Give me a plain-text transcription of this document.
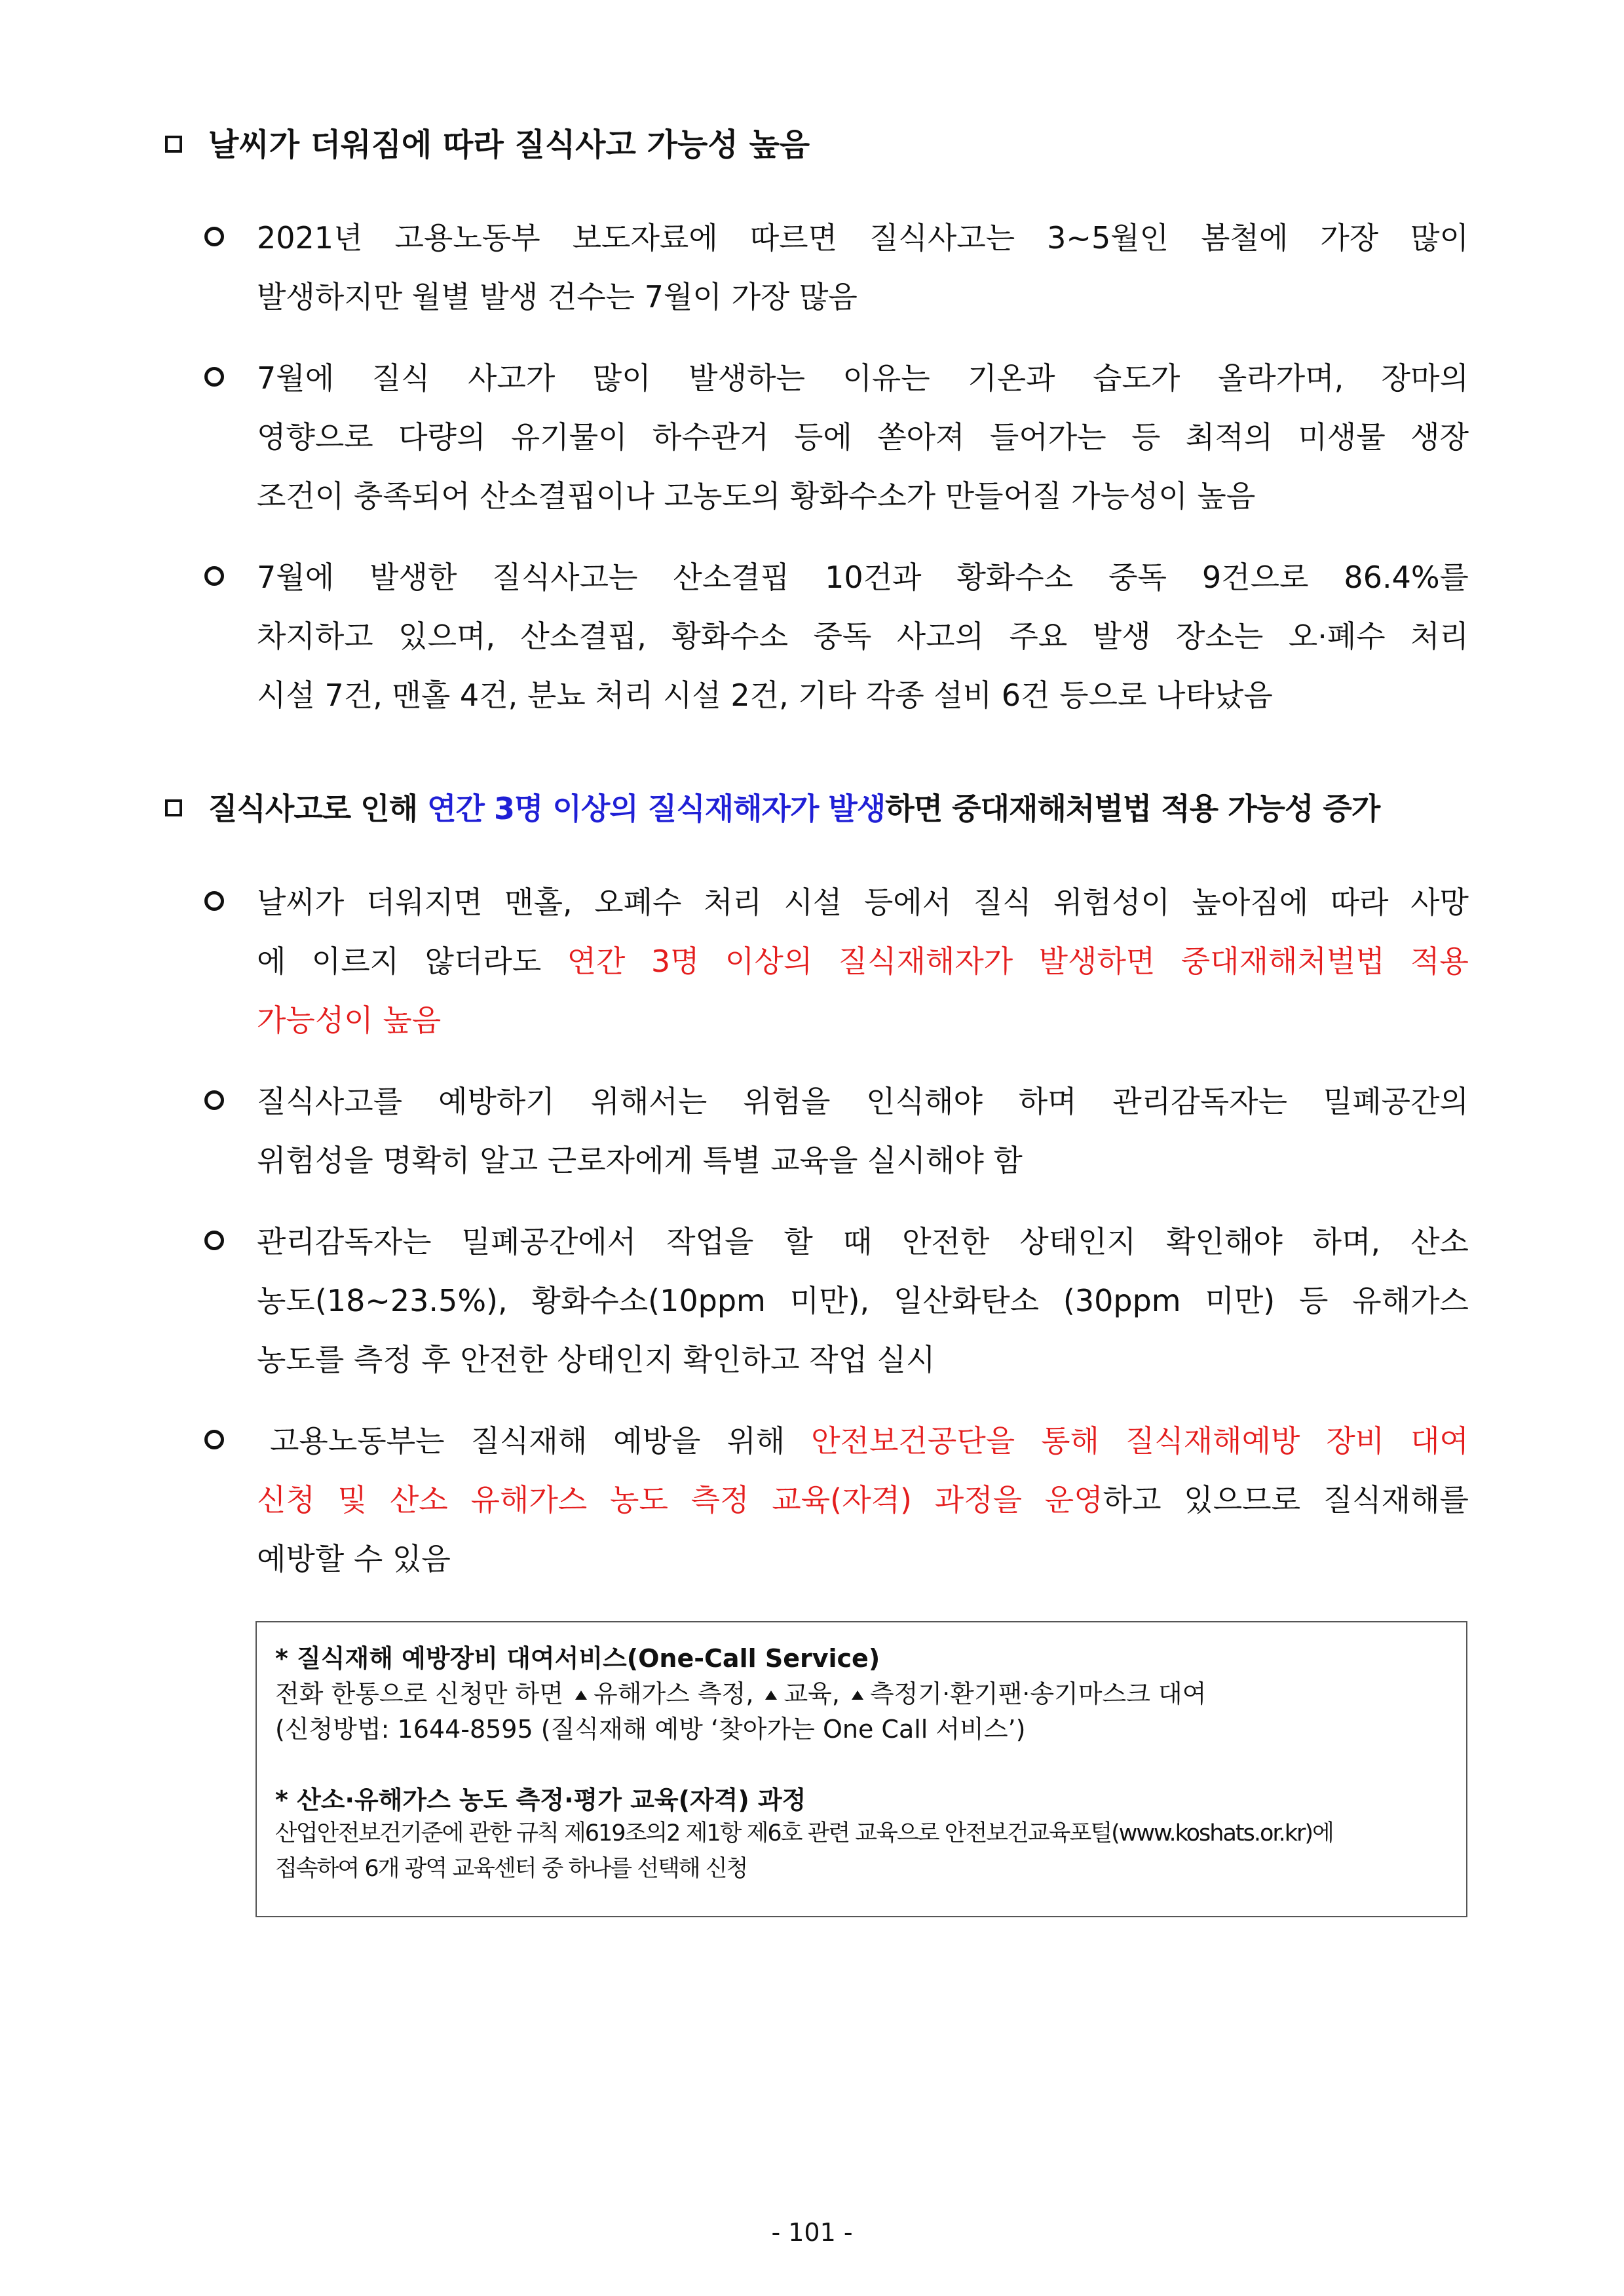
날씨가 더워짐에 따라 질식사고 가능성 높음
2021년 고용노동부 보도자료에 따르면 질식사고는 3~5월인 봄철에 가장 많이
발생하지만 월별 발생 건수는 7월이 가장 많음
7월에 질식 사고가 많이 발생하는 이유는 기온과 습도가 올라가며, 장마의
영향으로 다량의 유기물이 하수관거 등에 쏟아져 들어가는 등 최적의 미생물 생장
조건이 충족되어 산소결핍이나 고농도의 황화수소가 만들어질 가능성이 높음
7월에 발생한 질식사고는 산소결핍 10건과 황화수소 중독 9건으로 86.4%를
차지하고 있으며, 산소결핍, 황화수소 중독 사고의 주요 발생 장소는 오·폐수 처리
시설 7건, 맨홀 4건, 분뇨 처리 시설 2건, 기타 각종 설비 6건 등으로 나타났음
질식사고로 인해 연간 3명 이상의 질식재해자가 발생하면 중대재해처벌법 적용 가능성 증가
날씨가 더워지면 맨홀, 오폐수 처리 시설 등에서 질식 위험성이 높아짐에 따라 사망
에 이르지 않더라도 연간 3명 이상의 질식재해자가 발생하면 중대재해처벌법 적용
가능성이 높음
질식사고를 예방하기 위해서는 위험을 인식해야 하며 관리감독자는 밀폐공간의
위험성을 명확히 알고 근로자에게 특별 교육을 실시해야 함
관리감독자는 밀폐공간에서 작업을 할 때 안전한 상태인지 확인해야 하며, 산소
농도(18~23.5%), 황화수소(10ppm 미만), 일산화탄소 (30ppm 미만) 등 유해가스
농도를 측정 후 안전한 상태인지 확인하고 작업 실시
고용노동부는 질식재해 예방을 위해 안전보건공단을 통해 질식재해예방 장비 대여
신청 및 산소 유해가스 농도 측정 교육(자격) 과정을 운영하고 있으므로 질식재해를
예방할 수 있음
* 질식재해 예방장비 대여서비스(One-Call Service)
전화 한통으로 신청만 하면 유해가스 측정, 교육, 측정기·환기팬·송기마스크 대여
(신청방법: 1644-8595 (질식재해 예방 ‘찾아가는 One Call 서비스’)
* 산소·유해가스 농도 측정·평가 교육(자격) 과정
산업안전보건기준에 관한 규칙 제619조의2 제1항 제6호 관련 교육으로 안전보건교육포털(www.koshats.or.kr)에
접속하여 6개 광역 교육센터 중 하나를 선택해 신청
- 101 -
